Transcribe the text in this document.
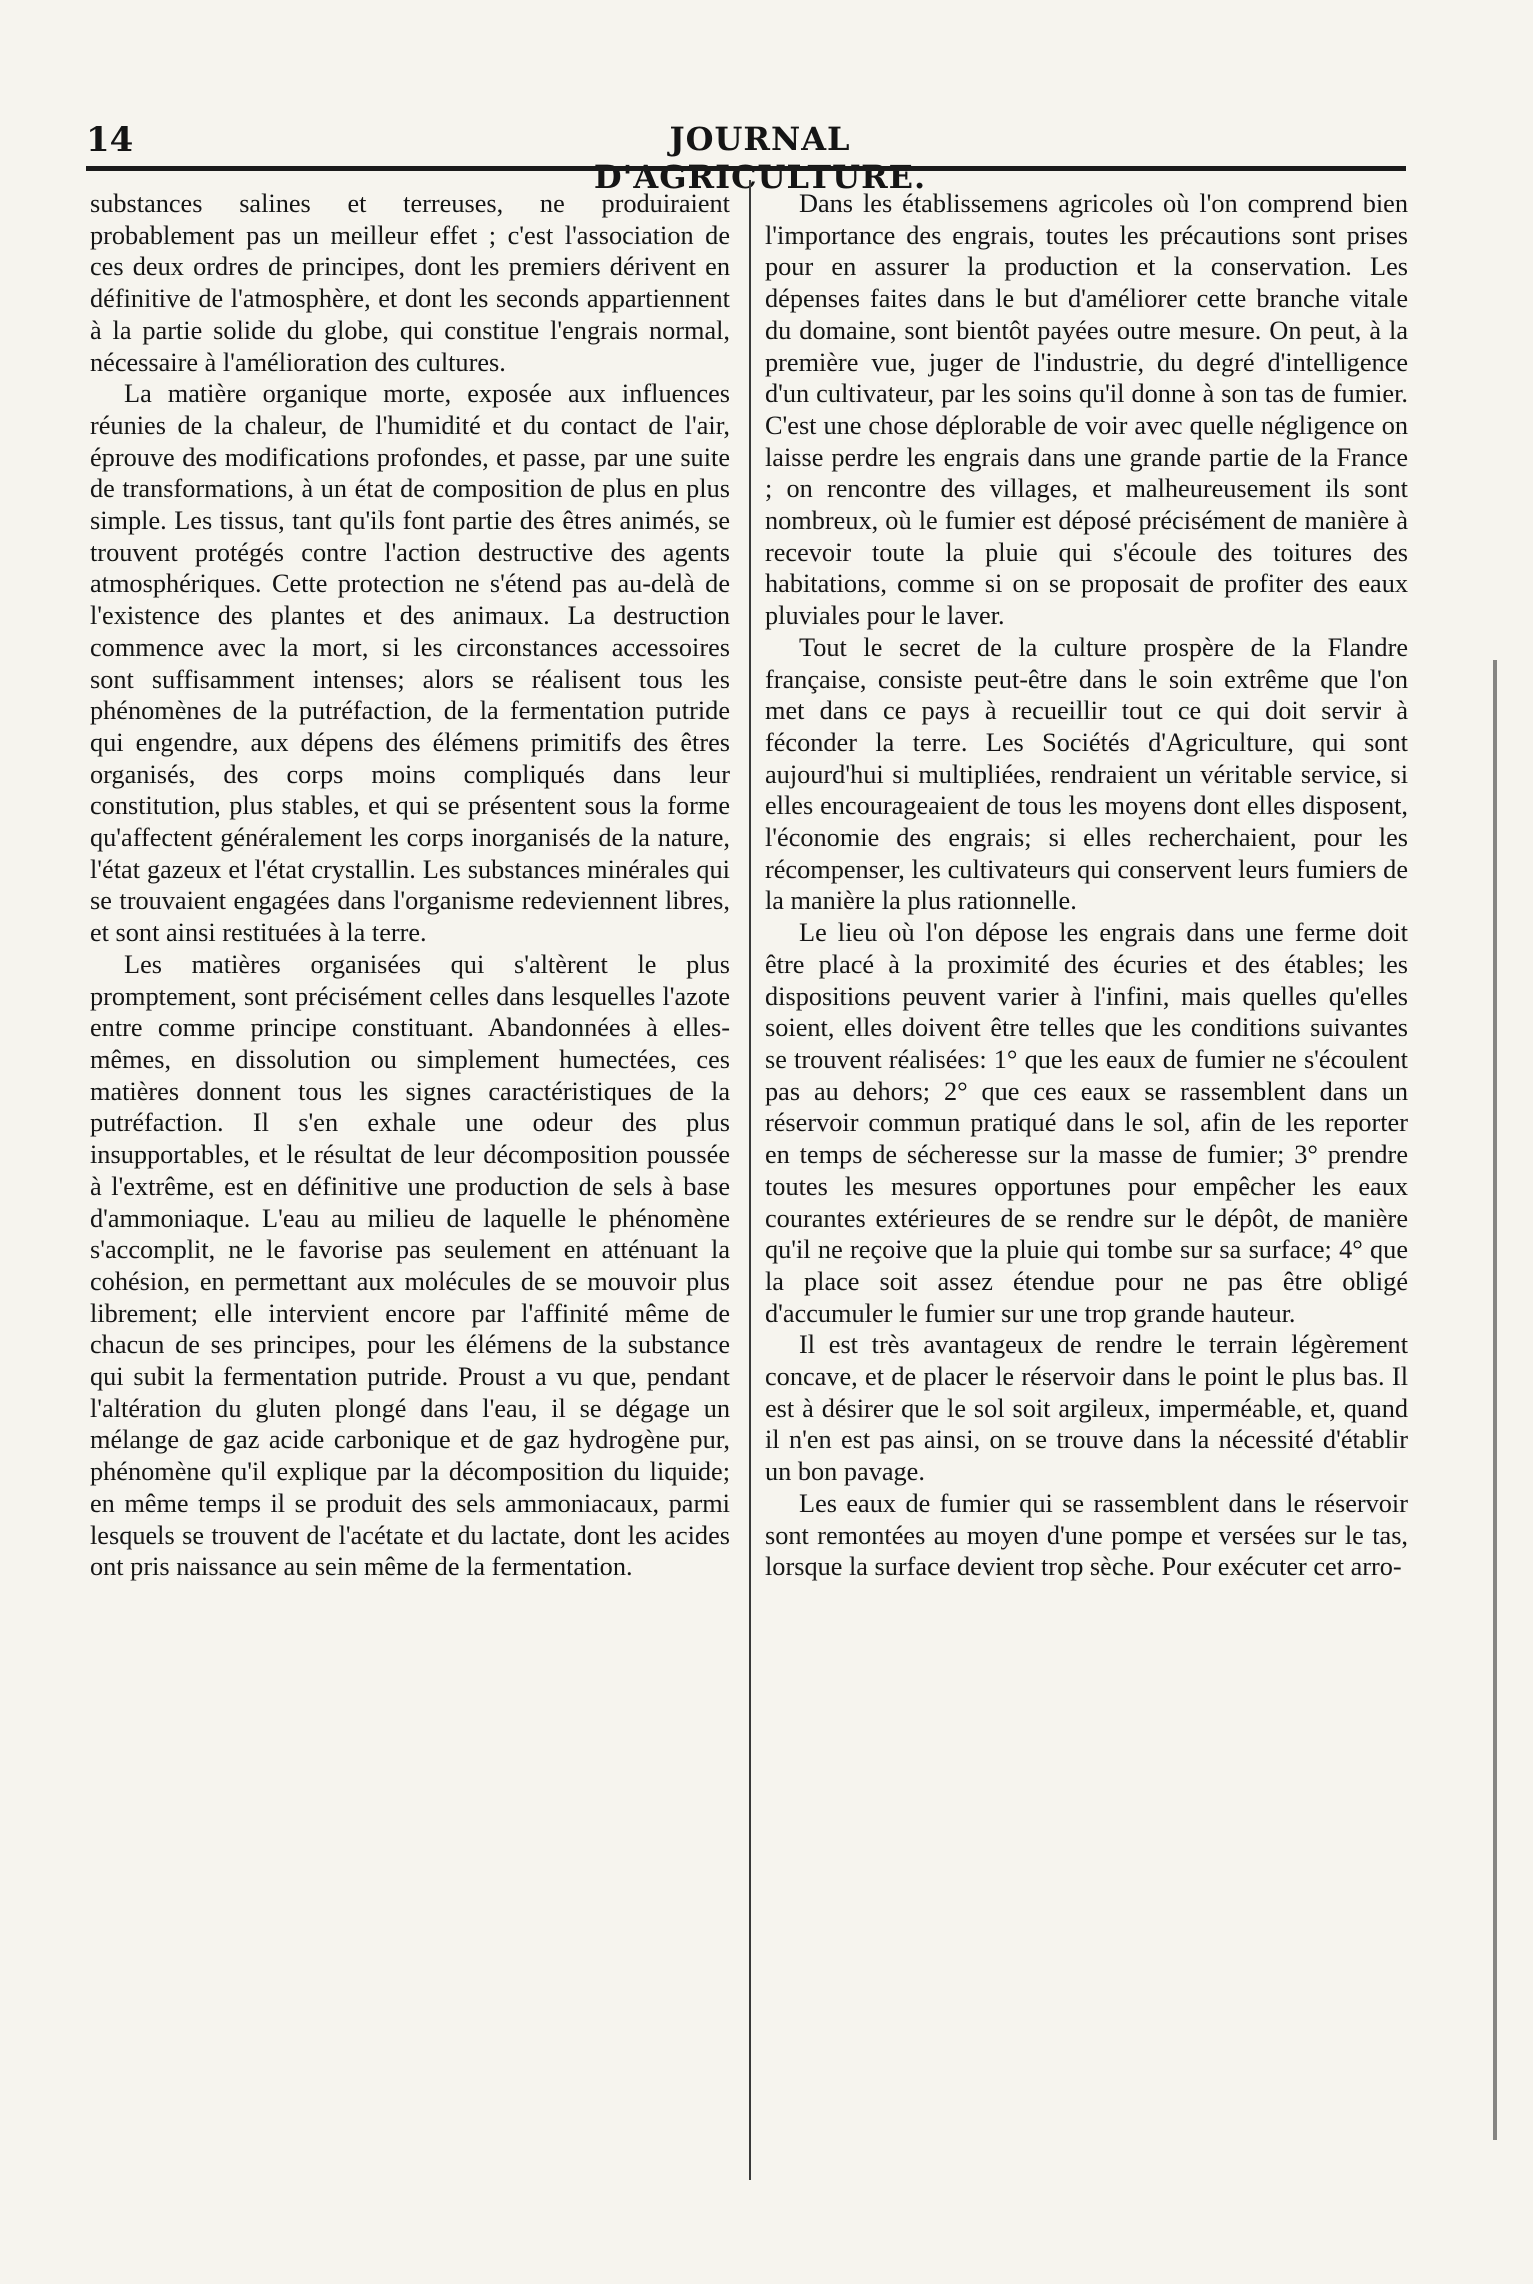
14	JOURNAL D'AGRICULTURE.

substances salines et terreuses, ne produiraient probablement pas un meilleur effet ; c'est l'association de ces deux ordres de principes, dont les premiers dérivent en définitive de l'atmosphère, et dont les seconds appartiennent à la partie solide du globe, qui constitue l'engrais normal, nécessaire à l'amélioration des cultures.

La matière organique morte, exposée aux influences réunies de la chaleur, de l'humidité et du contact de l'air, éprouve des modifications profondes, et passe, par une suite de transformations, à un état de composition de plus en plus simple. Les tissus, tant qu'ils font partie des êtres animés, se trouvent protégés contre l'action destructive des agents atmosphériques. Cette protection ne s'étend pas au-delà de l'existence des plantes et des animaux. La destruction commence avec la mort, si les circonstances accessoires sont suffisamment intenses; alors se réalisent tous les phénomènes de la putréfaction, de la fermentation putride qui engendre, aux dépens des élémens primitifs des êtres organisés, des corps moins compliqués dans leur constitution, plus stables, et qui se présentent sous la forme qu'affectent généralement les corps inorganisés de la nature, l'état gazeux et l'état crystallin. Les substances minérales qui se trouvaient engagées dans l'organisme redeviennent libres, et sont ainsi restituées à la terre.

Les matières organisées qui s'altèrent le plus promptement, sont précisément celles dans lesquelles l'azote entre comme principe constituant. Abandonnées à elles-mêmes, en dissolution ou simplement humectées, ces matières donnent tous les signes caractéristiques de la putréfaction. Il s'en exhale une odeur des plus insupportables, et le résultat de leur décomposition poussée à l'extrême, est en définitive une production de sels à base d'ammoniaque. L'eau au milieu de laquelle le phénomène s'accomplit, ne le favorise pas seulement en atténuant la cohésion, en permettant aux molécules de se mouvoir plus librement; elle intervient encore par l'affinité même de chacun de ses principes, pour les élémens de la substance qui subit la fermentation putride. Proust a vu que, pendant l'altération du gluten plongé dans l'eau, il se dégage un mélange de gaz acide carbonique et de gaz hydrogène pur, phénomène qu'il explique par la décomposition du liquide; en même temps il se produit des sels ammoniacaux, parmi lesquels se trouvent de l'acétate et du lactate, dont les acides ont pris naissance au sein même de la fermentation.

Dans les établissemens agricoles où l'on comprend bien l'importance des engrais, toutes les précautions sont prises pour en assurer la production et la conservation. Les dépenses faites dans le but d'améliorer cette branche vitale du domaine, sont bientôt payées outre mesure. On peut, à la première vue, juger de l'industrie, du degré d'intelligence d'un cultivateur, par les soins qu'il donne à son tas de fumier. C'est une chose déplorable de voir avec quelle négligence on laisse perdre les engrais dans une grande partie de la France ; on rencontre des villages, et malheureusement ils sont nombreux, où le fumier est déposé précisément de manière à recevoir toute la pluie qui s'écoule des toitures des habitations, comme si on se proposait de profiter des eaux pluviales pour le laver.

Tout le secret de la culture prospère de la Flandre française, consiste peut-être dans le soin extrême que l'on met dans ce pays à recueillir tout ce qui doit servir à féconder la terre. Les Sociétés d'Agriculture, qui sont aujourd'hui si multipliées, rendraient un véritable service, si elles encourageaient de tous les moyens dont elles disposent, l'économie des engrais; si elles recherchaient, pour les récompenser, les cultivateurs qui conservent leurs fumiers de la manière la plus rationnelle.

Le lieu où l'on dépose les engrais dans une ferme doit être placé à la proximité des écuries et des étables; les dispositions peuvent varier à l'infini, mais quelles qu'elles soient, elles doivent être telles que les conditions suivantes se trouvent réalisées: 1° que les eaux de fumier ne s'écoulent pas au dehors; 2° que ces eaux se rassemblent dans un réservoir commun pratiqué dans le sol, afin de les reporter en temps de sécheresse sur la masse de fumier; 3° prendre toutes les mesures opportunes pour empêcher les eaux courantes extérieures de se rendre sur le dépôt, de manière qu'il ne reçoive que la pluie qui tombe sur sa surface; 4° que la place soit assez étendue pour ne pas être obligé d'accumuler le fumier sur une trop grande hauteur.

Il est très avantageux de rendre le terrain légèrement concave, et de placer le réservoir dans le point le plus bas. Il est à désirer que le sol soit argileux, imperméable, et, quand il n'en est pas ainsi, on se trouve dans la nécessité d'établir un bon pavage.

Les eaux de fumier qui se rassemblent dans le réservoir sont remontées au moyen d'une pompe et versées sur le tas, lorsque la surface devient trop sèche. Pour exécuter cet arro-
